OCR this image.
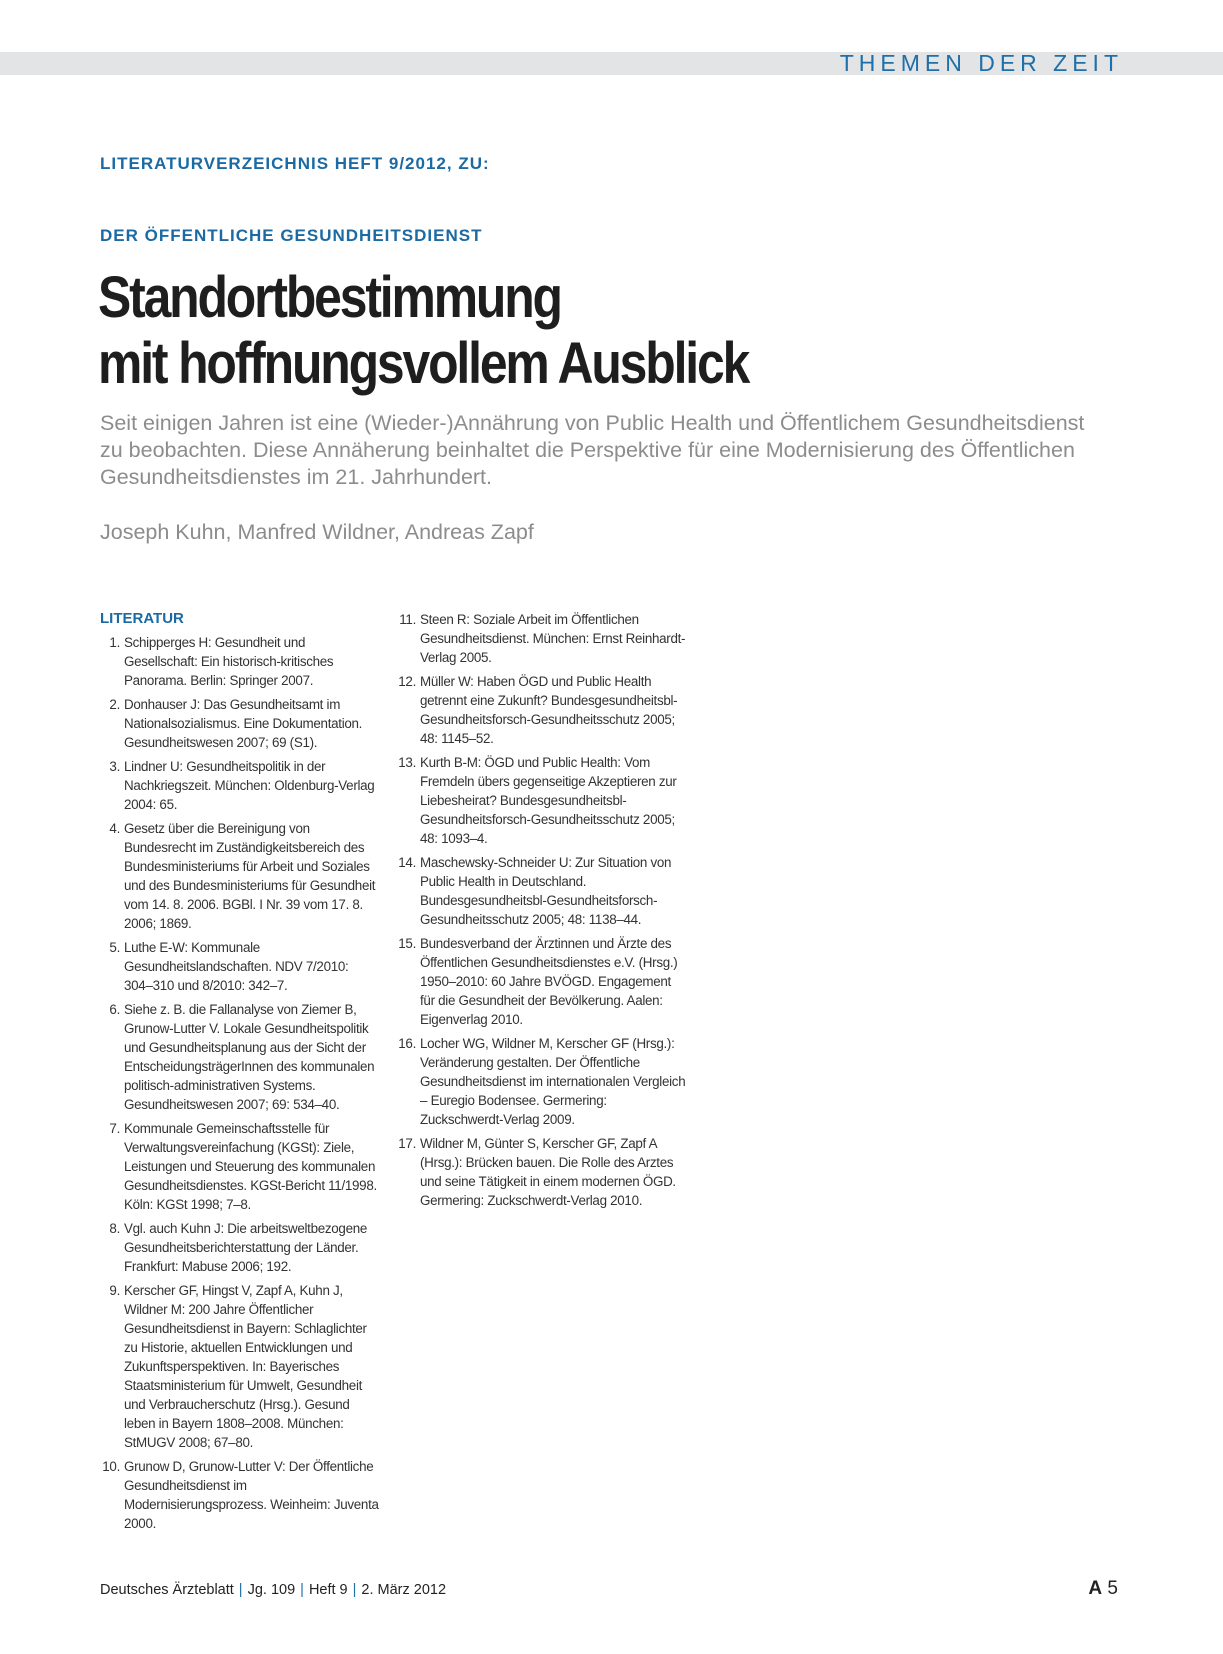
THEMEN DER ZEIT
LITERATURVERZEICHNIS HEFT 9/2012, ZU:
DER ÖFFENTLICHE GESUNDHEITSDIENST
Standortbestimmung
mit hoffnungsvollem Ausblick
Seit einigen Jahren ist eine (Wieder-)Annährung von Public Health und Öffentlichem Gesundheitsdienst zu beobachten. Diese Annäherung beinhaltet die Perspektive für eine Modernisierung des Öffentlichen Gesundheitsdienstes im 21. Jahrhundert.
Joseph Kuhn, Manfred Wildner, Andreas Zapf
LITERATUR
1. Schipperges H: Gesundheit und Gesellschaft: Ein historisch-kritisches Panorama. Berlin: Springer 2007.
2. Donhauser J: Das Gesundheitsamt im Nationalsozialismus. Eine Dokumentation. Gesundheitswesen 2007; 69 (S1).
3. Lindner U: Gesundheitspolitik in der Nachkriegszeit. München: Oldenburg-Verlag 2004: 65.
4. Gesetz über die Bereinigung von Bundesrecht im Zuständigkeitsbereich des Bundesministeriums für Arbeit und Soziales und des Bundesministeriums für Gesundheit vom 14. 8. 2006. BGBl. I Nr. 39 vom 17. 8. 2006; 1869.
5. Luthe E-W: Kommunale Gesundheitslandschaften. NDV 7/2010: 304–310 und 8/2010: 342–7.
6. Siehe z. B. die Fallanalyse von Ziemer B, Grunow-Lutter V. Lokale Gesundheitspolitik und Gesundheitsplanung aus der Sicht der EntscheidungsträgerInnen des kommunalen politisch-administrativen Systems. Gesundheitswesen 2007; 69: 534–40.
7. Kommunale Gemeinschaftsstelle für Verwaltungsvereinfachung (KGSt): Ziele, Leistungen und Steuerung des kommunalen Gesundheitsdienstes. KGSt-Bericht 11/1998. Köln: KGSt 1998; 7–8.
8. Vgl. auch Kuhn J: Die arbeitsweltbezogene Gesundheitsberichterstattung der Länder. Frankfurt: Mabuse 2006; 192.
9. Kerscher GF, Hingst V, Zapf A, Kuhn J, Wildner M: 200 Jahre Öffentlicher Gesundheitsdienst in Bayern: Schlaglichter zu Historie, aktuellen Entwicklungen und Zukunftsperspektiven. In: Bayerisches Staatsministerium für Umwelt, Gesundheit und Verbraucherschutz (Hrsg.). Gesund leben in Bayern 1808–2008. München: StMUGV 2008; 67–80.
10. Grunow D, Grunow-Lutter V: Der Öffentliche Gesundheitsdienst im Modernisierungsprozess. Weinheim: Juventa 2000.
11. Steen R: Soziale Arbeit im Öffentlichen Gesundheitsdienst. München: Ernst Reinhardt-Verlag 2005.
12. Müller W: Haben ÖGD und Public Health getrennt eine Zukunft? Bundesgesundheitsbl-Gesundheitsforsch-Gesundheitsschutz 2005; 48: 1145–52.
13. Kurth B-M: ÖGD und Public Health: Vom Fremdeln übers gegenseitige Akzeptieren zur Liebesheirat? Bundesgesundheitsbl-Gesundheitsforsch-Gesundheitsschutz 2005; 48: 1093–4.
14. Maschewsky-Schneider U: Zur Situation von Public Health in Deutschland. Bundesgesundheitsbl-Gesundheitsforsch-Gesundheitsschutz 2005; 48: 1138–44.
15. Bundesverband der Ärztinnen und Ärzte des Öffentlichen Gesundheitsdienstes e.V. (Hrsg.) 1950–2010: 60 Jahre BVÖGD. Engagement für die Gesundheit der Bevölkerung. Aalen: Eigenverlag 2010.
16. Locher WG, Wildner M, Kerscher GF (Hrsg.): Veränderung gestalten. Der Öffentliche Gesundheitsdienst im internationalen Vergleich – Euregio Bodensee. Germering: Zuckschwerdt-Verlag 2009.
17. Wildner M, Günter S, Kerscher GF, Zapf A (Hrsg.): Brücken bauen. Die Rolle des Arztes und seine Tätigkeit in einem modernen ÖGD. Germering: Zuckschwerdt-Verlag 2010.
Deutsches Ärzteblatt | Jg. 109 | Heft 9 | 2. März 2012	A 5
